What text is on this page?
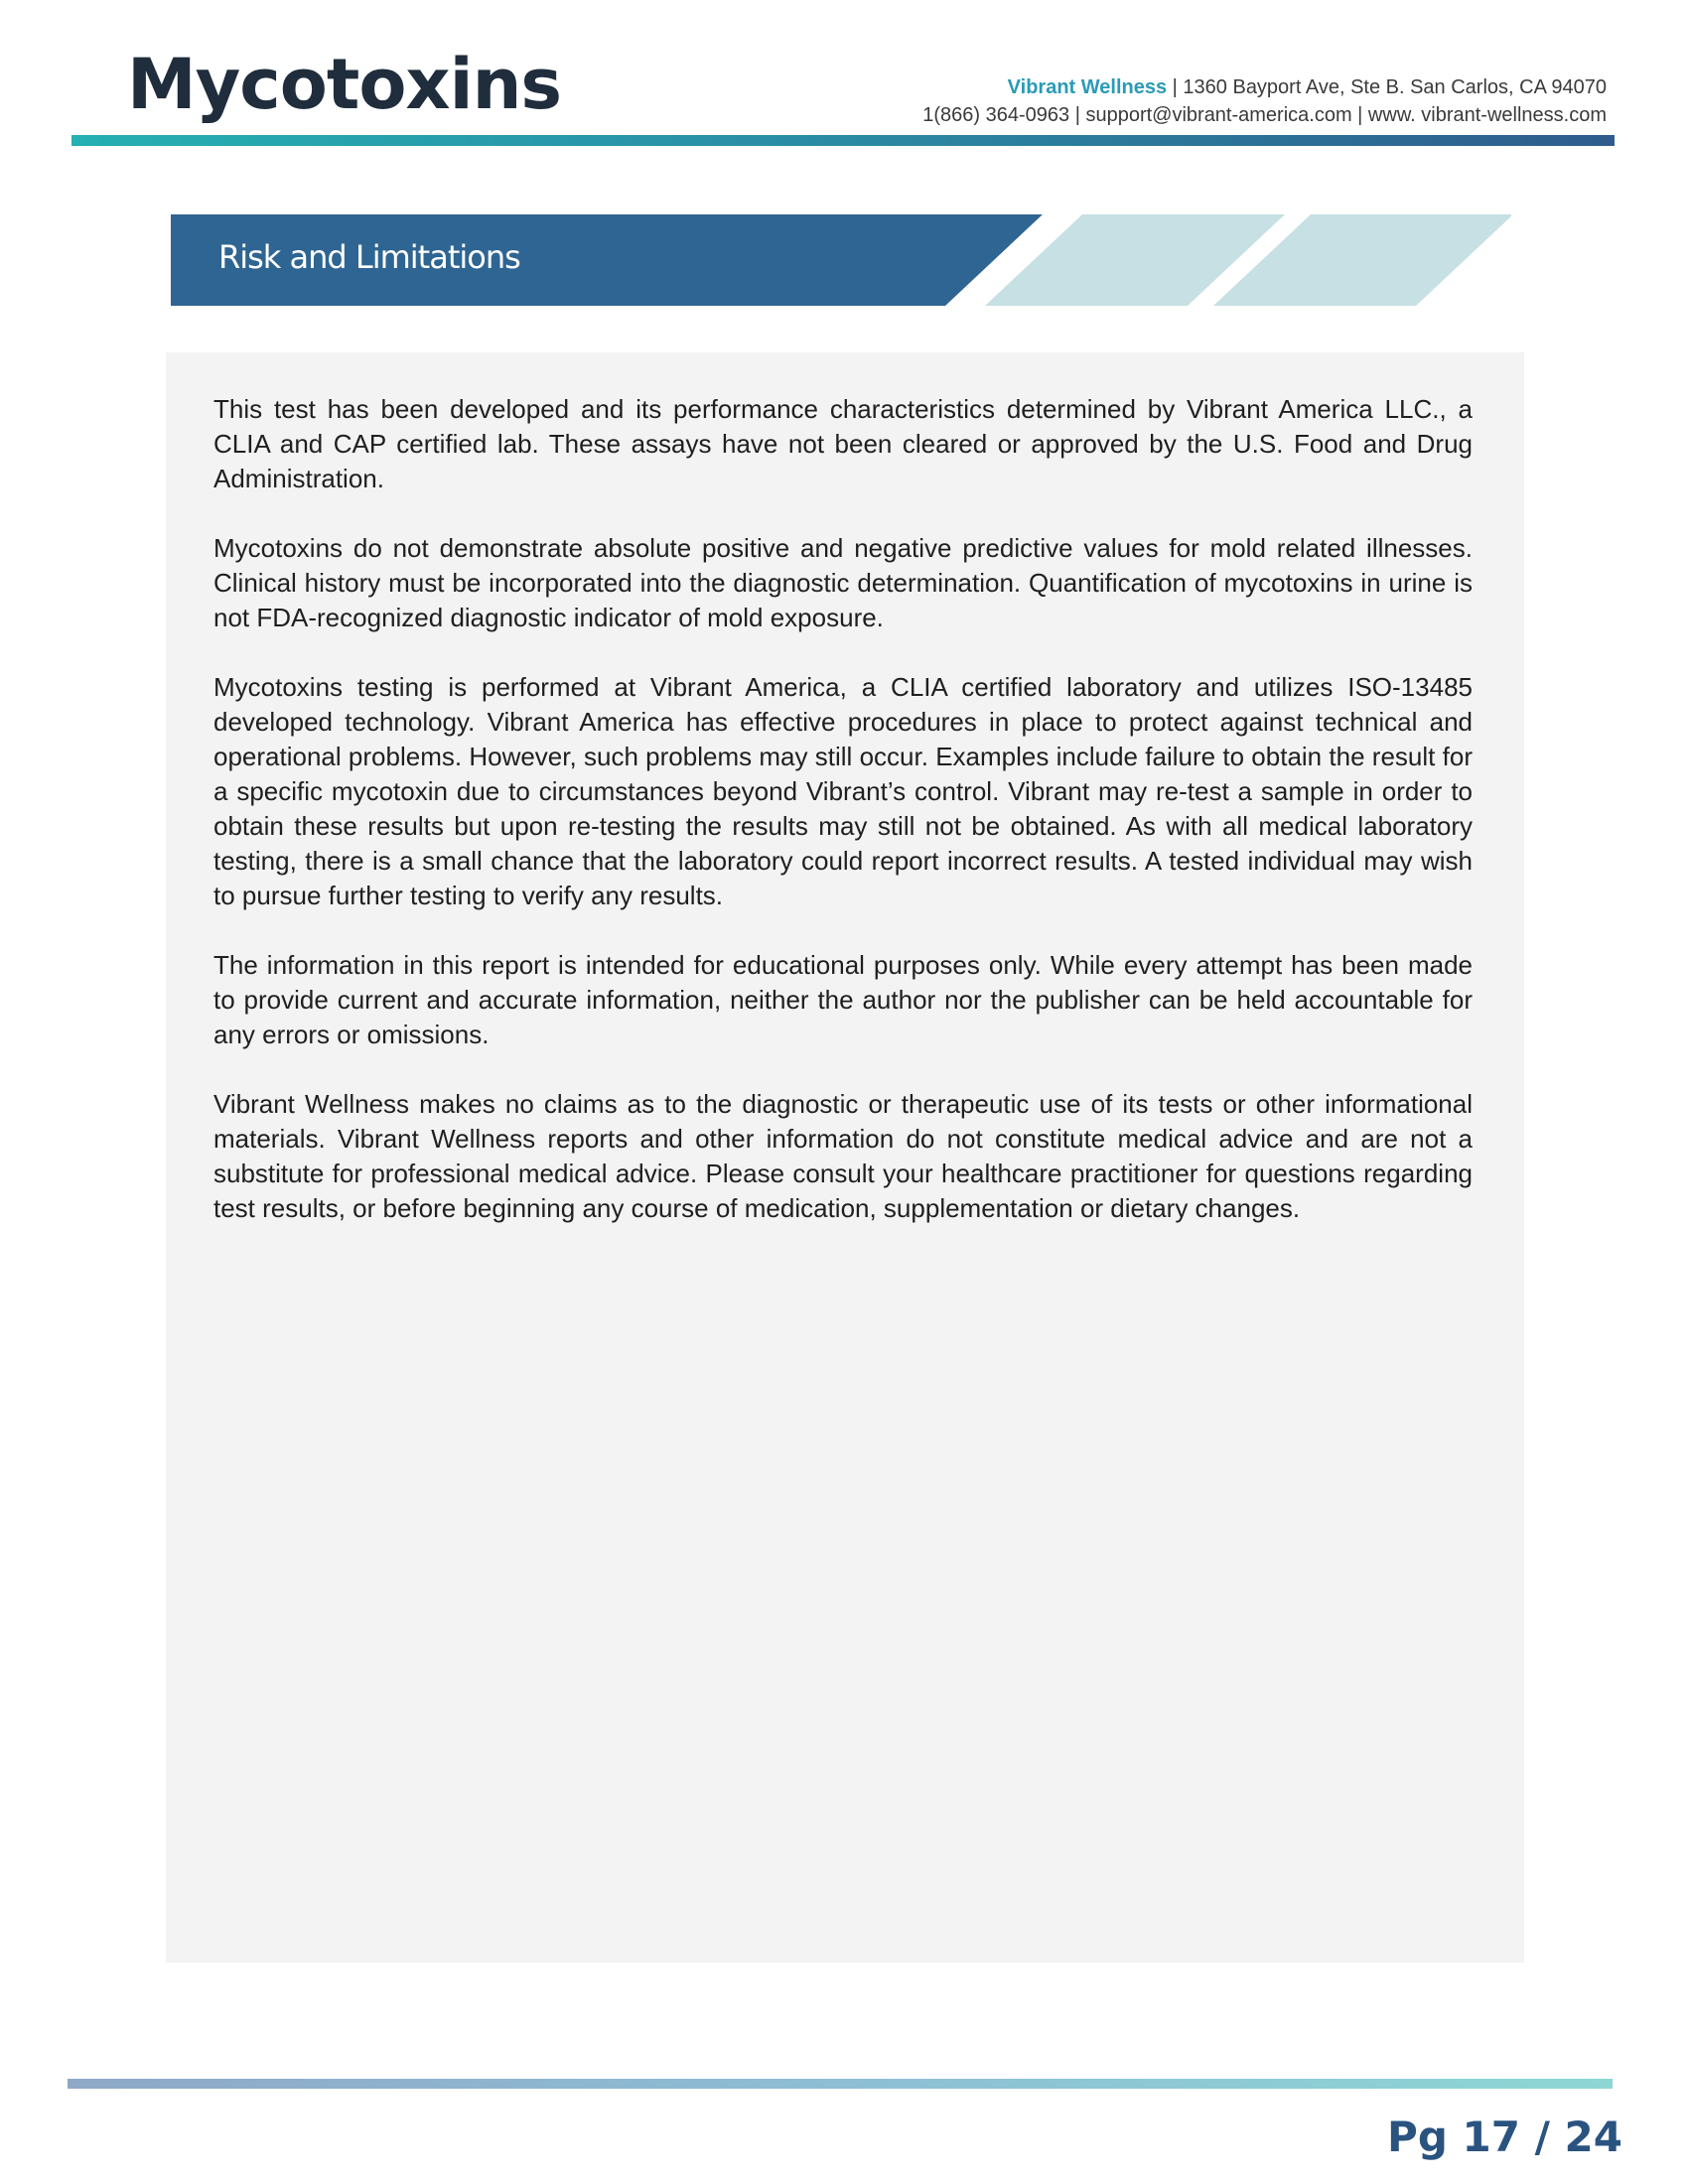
Mycotoxins	Vibrant Wellness | 1360 Bayport Ave, Ste B. San Carlos, CA 94070
1(866) 364-0963 | support@vibrant-america.com | www. vibrant-wellness.com
Risk and Limitations

This test has been developed and its performance characteristics determined by Vibrant America LLC., a CLIA and CAP certified lab. These assays have not been cleared or approved by the U.S. Food and Drug Administration.

Mycotoxins do not demonstrate absolute positive and negative predictive values for mold related illnesses. Clinical history must be incorporated into the diagnostic determination. Quantification of mycotoxins in urine is not FDA-recognized diagnostic indicator of mold exposure.

Mycotoxins testing is performed at Vibrant America, a CLIA certified laboratory and utilizes ISO-13485 developed technology. Vibrant America has effective procedures in place to protect against technical and operational problems. However, such problems may still occur. Examples include failure to obtain the result for a specific mycotoxin due to circumstances beyond Vibrant’s control. Vibrant may re-test a sample in order to obtain these results but upon re-testing the results may still not be obtained. As with all medical laboratory testing, there is a small chance that the laboratory could report incorrect results. A tested individual may wish to pursue further testing to verify any results.

The information in this report is intended for educational purposes only. While every attempt has been made to provide current and accurate information, neither the author nor the publisher can be held accountable for any errors or omissions.

Vibrant Wellness makes no claims as to the diagnostic or therapeutic use of its tests or other informational materials. Vibrant Wellness reports and other information do not constitute medical advice and are not a substitute for professional medical advice. Please consult your healthcare practitioner for questions regarding test results, or before beginning any course of medication, supplementation or dietary changes.

Pg 17 / 24
